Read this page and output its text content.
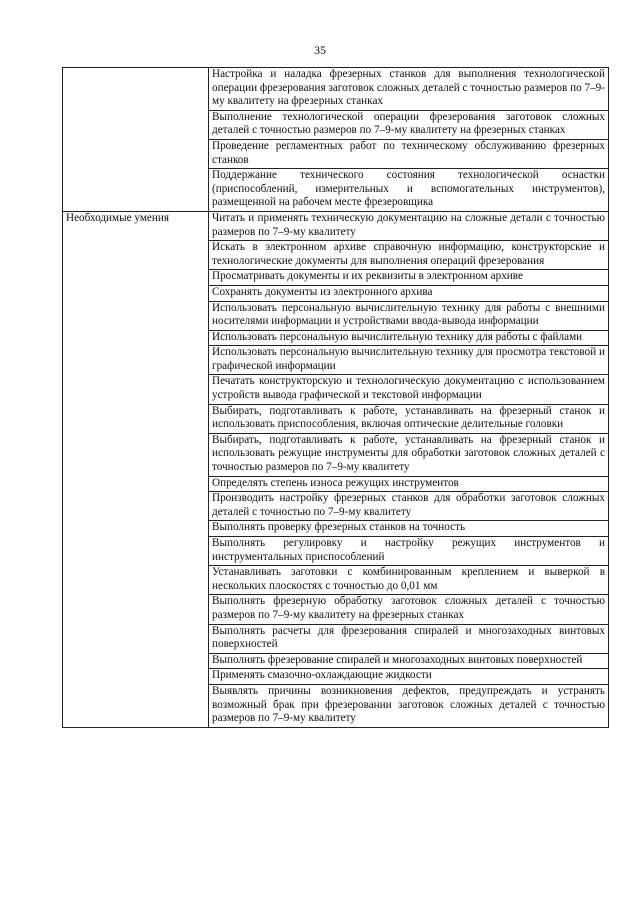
35
	Настройка и наладка фрезерных станков для выполнения технологической операции фрезерования заготовок сложных деталей с точностью размеров по 7–9-му квалитету на фрезерных станках
	Выполнение технологической операции фрезерования заготовок сложных деталей с точностью размеров по 7–9-му квалитету на фрезерных станках
	Проведение регламентных работ по техническому обслуживанию фрезерных станков
	Поддержание технического состояния технологической оснастки (приспособлений, измерительных и вспомогательных инструментов), размещенной на рабочем месте фрезеровщика
Необходимые умения	Читать и применять техническую документацию на сложные детали с точностью размеров по 7–9-му квалитету
	Искать в электронном архиве справочную информацию, конструкторские и технологические документы для выполнения операций фрезерования
	Просматривать документы и их реквизиты в электронном архиве
	Сохранять документы из электронного архива
	Использовать персональную вычислительную технику для работы с внешними носителями информации и устройствами ввода-вывода информации
	Использовать персональную вычислительную технику для работы с файлами
	Использовать персональную вычислительную технику для просмотра текстовой и графической информации
	Печатать конструкторскую и технологическую документацию с использованием устройств вывода графической и текстовой информации
	Выбирать, подготавливать к работе, устанавливать на фрезерный станок и использовать приспособления, включая оптические делительные головки
	Выбирать, подготавливать к работе, устанавливать на фрезерный станок и использовать режущие инструменты для обработки заготовок сложных деталей с точностью размеров по 7–9-му квалитету
	Определять степень износа режущих инструментов
	Производить настройку фрезерных станков для обработки заготовок сложных деталей с точностью по 7–9-му квалитету
	Выполнять проверку фрезерных станков на точность
	Выполнять регулировку и настройку режущих инструментов и инструментальных приспособлений
	Устанавливать заготовки с комбинированным креплением и выверкой в нескольких плоскостях с точностью до 0,01 мм
	Выполнять фрезерную обработку заготовок сложных деталей с точностью размеров по 7–9-му квалитету на фрезерных станках
	Выполнять расчеты для фрезерования спиралей и многозаходных винтовых поверхностей
	Выполнять фрезерование спиралей и многозаходных винтовых поверхностей
	Применять смазочно-охлаждающие жидкости
	Выявлять причины возникновения дефектов, предупреждать и устранять возможный брак при фрезеровании заготовок сложных деталей с точностью размеров по 7–9-му квалитету
